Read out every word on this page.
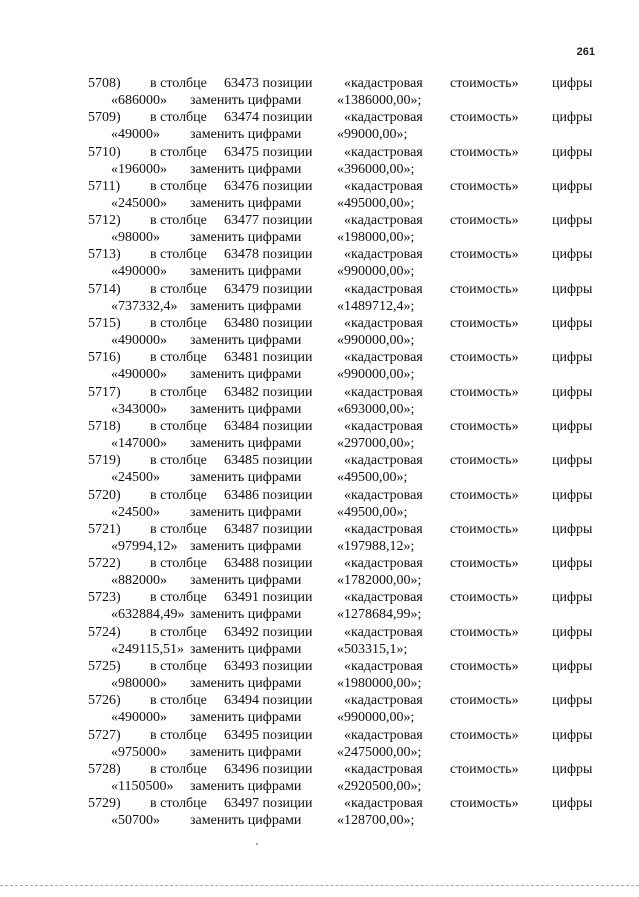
261
5708) в столбце 63473 позиции «кадастровая стоимость» цифры
«686000» заменить цифрами	«1386000,00»;
5709) в столбце 63474 позиции «кадастровая стоимость» цифры
«49000» заменить цифрами	«99000,00»;
5710) в столбце 63475 позиции «кадастровая стоимость» цифры
«196000» заменить цифрами	«396000,00»;
5711) в столбце 63476 позиции «кадастровая стоимость» цифры
«245000» заменить цифрами	«495000,00»;
5712) в столбце 63477 позиции «кадастровая стоимость» цифры
«98000» заменить цифрами	«198000,00»;
5713) в столбце 63478 позиции «кадастровая стоимость» цифры
«490000» заменить цифрами	«990000,00»;
5714) в столбце 63479 позиции «кадастровая стоимость» цифры
«737332,4» заменить цифрами	«1489712,4»;
5715) в столбце 63480 позиции «кадастровая стоимость» цифры
«490000» заменить цифрами	«990000,00»;
5716) в столбце 63481 позиции «кадастровая стоимость» цифры
«490000» заменить цифрами	«990000,00»;
5717) в столбце 63482 позиции «кадастровая стоимость» цифры
«343000» заменить цифрами	«693000,00»;
5718) в столбце 63484 позиции «кадастровая стоимость» цифры
«147000» заменить цифрами	«297000,00»;
5719) в столбце 63485 позиции «кадастровая стоимость» цифры
«24500» заменить цифрами	«49500,00»;
5720) в столбце 63486 позиции «кадастровая стоимость» цифры
«24500» заменить цифрами	«49500,00»;
5721) в столбце 63487 позиции «кадастровая стоимость» цифры
«97994,12» заменить цифрами	«197988,12»;
5722) в столбце 63488 позиции «кадастровая стоимость» цифры
«882000» заменить цифрами	«1782000,00»;
5723) в столбце 63491 позиции «кадастровая стоимость» цифры
«632884,49» заменить цифрами	«1278684,99»;
5724) в столбце 63492 позиции «кадастровая стоимость» цифры
«249115,51» заменить цифрами	«503315,1»;
5725) в столбце 63493 позиции «кадастровая стоимость» цифры
«980000» заменить цифрами	«1980000,00»;
5726) в столбце 63494 позиции «кадастровая стоимость» цифры
«490000» заменить цифрами	«990000,00»;
5727) в столбце 63495 позиции «кадастровая стоимость» цифры
«975000» заменить цифрами	«2475000,00»;
5728) в столбце 63496 позиции «кадастровая стоимость» цифры
«1150500» заменить цифрами	«2920500,00»;
5729) в столбце 63497 позиции «кадастровая стоимость» цифры
«50700» заменить цифрами	«128700,00»;
